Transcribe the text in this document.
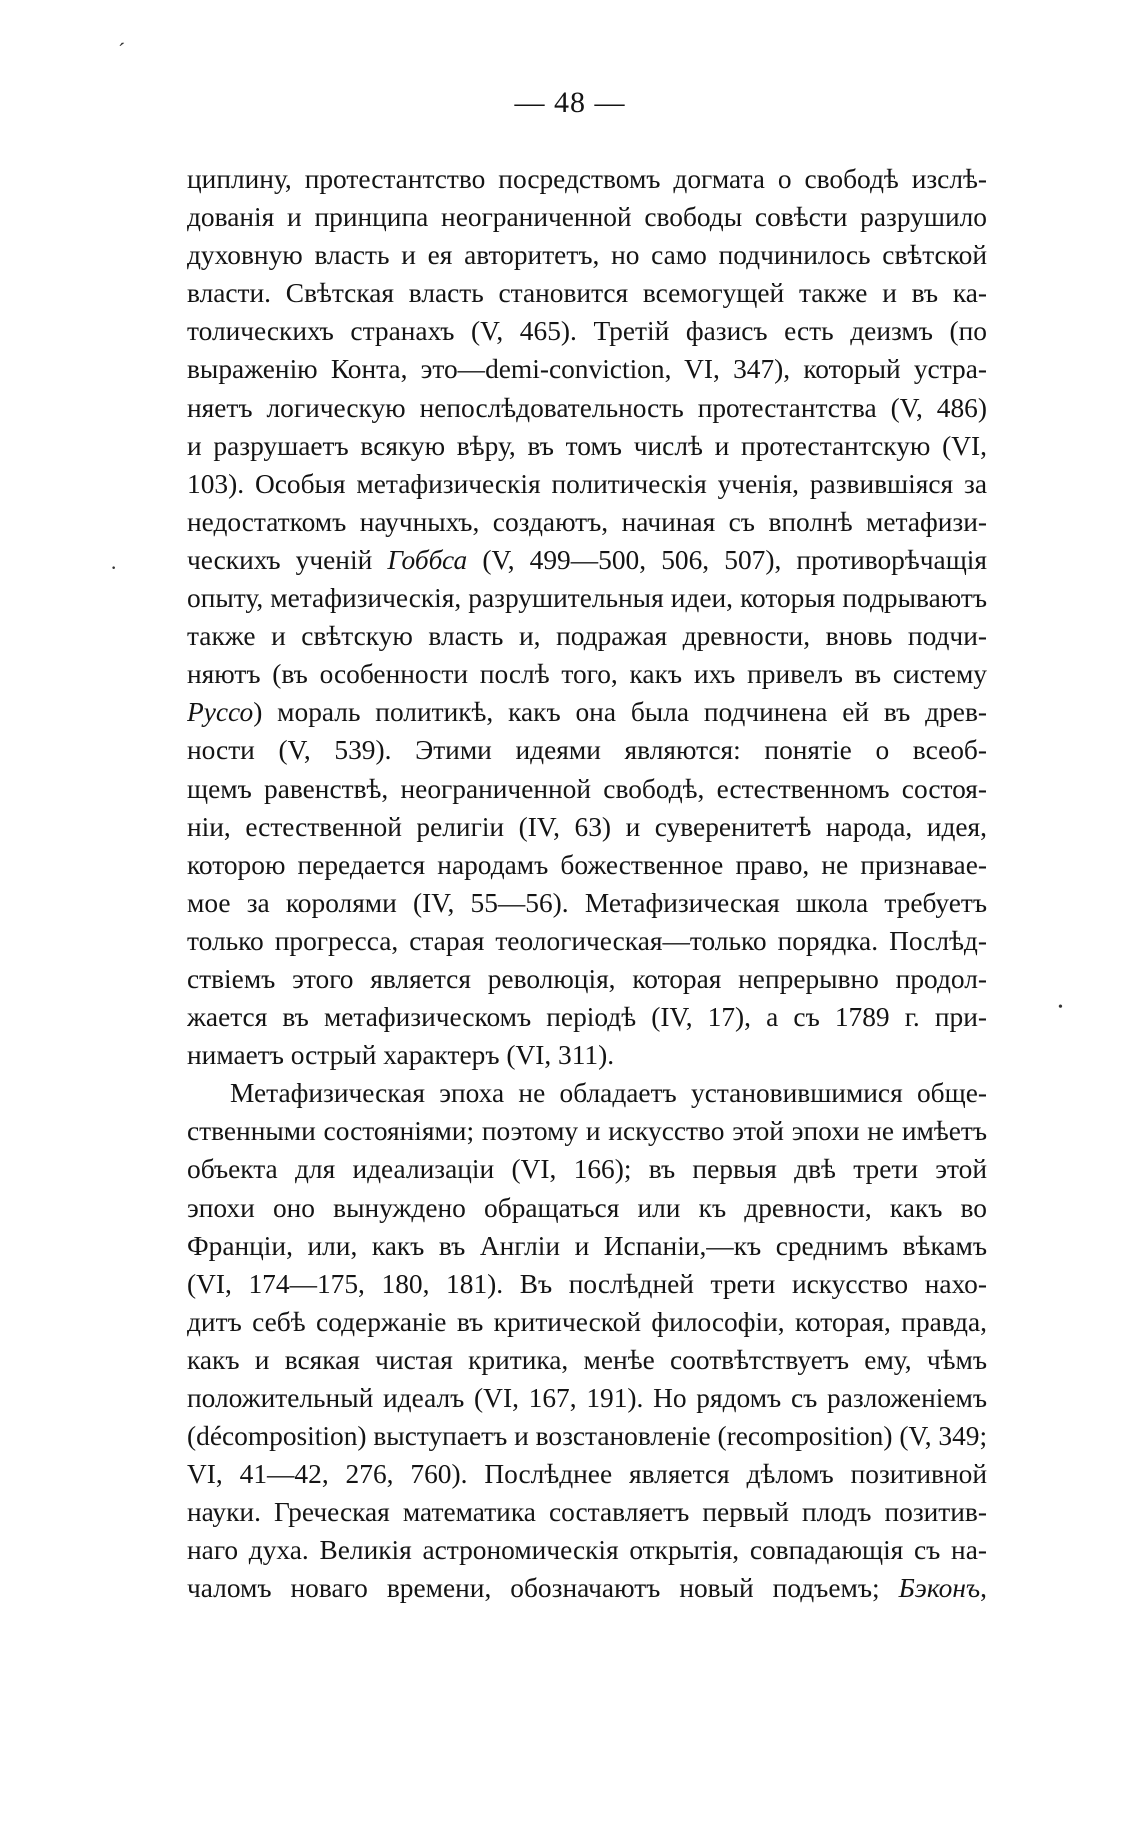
ˊ
·
•
— 48 —
циплину, протестантство посредствомъ догмата о свободѣ изслѣ-
дованія и принципа неограниченной свободы совѣсти разрушило
духовную власть и ея авторитетъ, но само подчинилось свѣтской
власти. Свѣтская власть становится всемогущей также и въ ка-
толическихъ странахъ (V, 465). Третій фазисъ есть деизмъ (по
выраженію Конта, это—demi-conviction, VI, 347), который устра-
няетъ логическую непослѣдовательность протестантства (V, 486)
и разрушаетъ всякую вѣру, въ томъ числѣ и протестантскую (VI,
103). Особыя метафизическія политическія ученія, развившіяся за
недостаткомъ научныхъ, создаютъ, начиная съ вполнѣ метафизи-
ческихъ ученій Гоббса (V, 499—500, 506, 507), противорѣчащія
опыту, метафизическія, разрушительныя идеи, которыя подрываютъ
также и свѣтскую власть и, подражая древности, вновь подчи-
няютъ (въ особенности послѣ того, какъ ихъ привелъ въ систему
Руссо) мораль политикѣ, какъ она была подчинена ей въ древ-
ности (V, 539). Этими идеями являются: понятіе о всеоб-
щемъ равенствѣ, неограниченной свободѣ, естественномъ состоя-
ніи, естественной религіи (IV, 63) и суверенитетѣ народа, идея,
которою передается народамъ божественное право, не признавае-
мое за королями (IV, 55—56). Метафизическая школа требуетъ
только прогресса, старая теологическая—только порядка. Послѣд-
ствіемъ этого является революція, которая непрерывно продол-
жается въ метафизическомъ періодѣ (IV, 17), а съ 1789 г. при-
нимаетъ острый характеръ (VI, 311).
Метафизическая эпоха не обладаетъ установившимися обще-
ственными состояніями; поэтому и искусство этой эпохи не имѣетъ
объекта для идеализаціи (VI, 166); въ первыя двѣ трети этой
эпохи оно вынуждено обращаться или къ древности, какъ во
Франціи, или, какъ въ Англіи и Испаніи,—къ среднимъ вѣкамъ
(VI, 174—175, 180, 181). Въ послѣдней трети искусство нахо-
дитъ себѣ содержаніе въ критической философіи, которая, правда,
какъ и всякая чистая критика, менѣе соотвѣтствуетъ ему, чѣмъ
положительный идеалъ (VI, 167, 191). Но рядомъ съ разложеніемъ
(décomposition) выступаетъ и возстановленіе (recomposition) (V, 349;
VI, 41—42, 276, 760). Послѣднее является дѣломъ позитивной
науки. Греческая математика составляетъ первый плодъ позитив-
наго духа. Великія астрономическія открытія, совпадающія съ на-
чаломъ новаго времени, обозначаютъ новый подъемъ; Бэконъ,
